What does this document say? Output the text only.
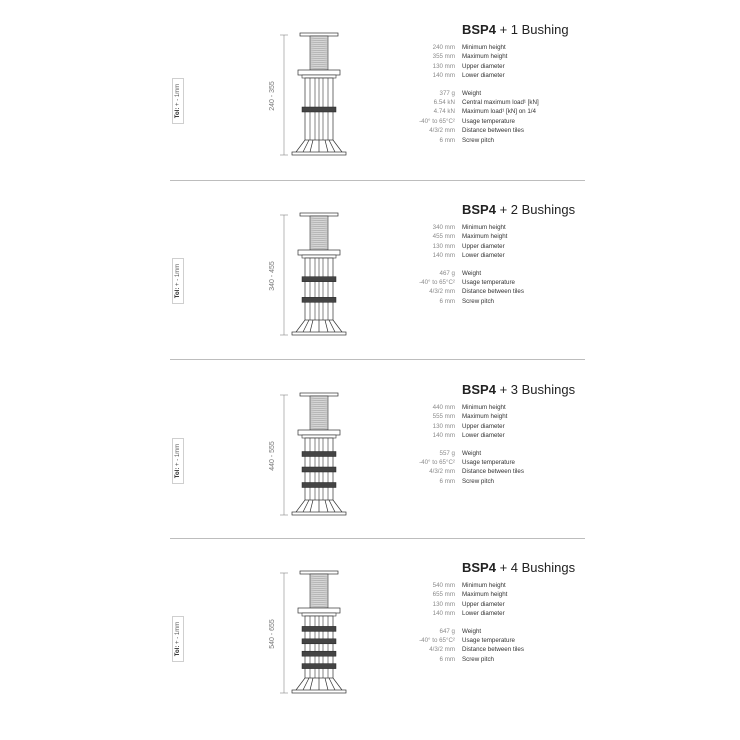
Tol: + - 1mm	240 - 355
BSP4 + 1 Bushing
240 mm	Minimum height
355 mm	Maximum height
130 mm	Upper diameter
140 mm	Lower diameter
377 g	Weight
6.54 kN	Central maximum load¹ [kN]
4.74 kN	Maximum load¹ [kN] on 1/4
-40° to 65°C²	Usage temperature
4/3/2 mm	Distance between tiles
6 mm	Screw pitch
Tol: + - 1mm	340 - 455
BSP4 + 2 Bushings
340 mm	Minimum height
455 mm	Maximum height
130 mm	Upper diameter
140 mm	Lower diameter
467 g	Weight
-40° to 65°C²	Usage temperature
4/3/2 mm	Distance between tiles
6 mm	Screw pitch
Tol: + - 1mm	440 - 555
BSP4 + 3 Bushings
440 mm	Minimum height
555 mm	Maximum height
130 mm	Upper diameter
140 mm	Lower diameter
557 g	Weight
-40° to 65°C²	Usage temperature
4/3/2 mm	Distance between tiles
6 mm	Screw pitch
Tol: + - 1mm	540 - 655
BSP4 + 4 Bushings
540 mm	Minimum height
655 mm	Maximum height
130 mm	Upper diameter
140 mm	Lower diameter
647 g	Weight
-40° to 65°C²	Usage temperature
4/3/2 mm	Distance between tiles
6 mm	Screw pitch
